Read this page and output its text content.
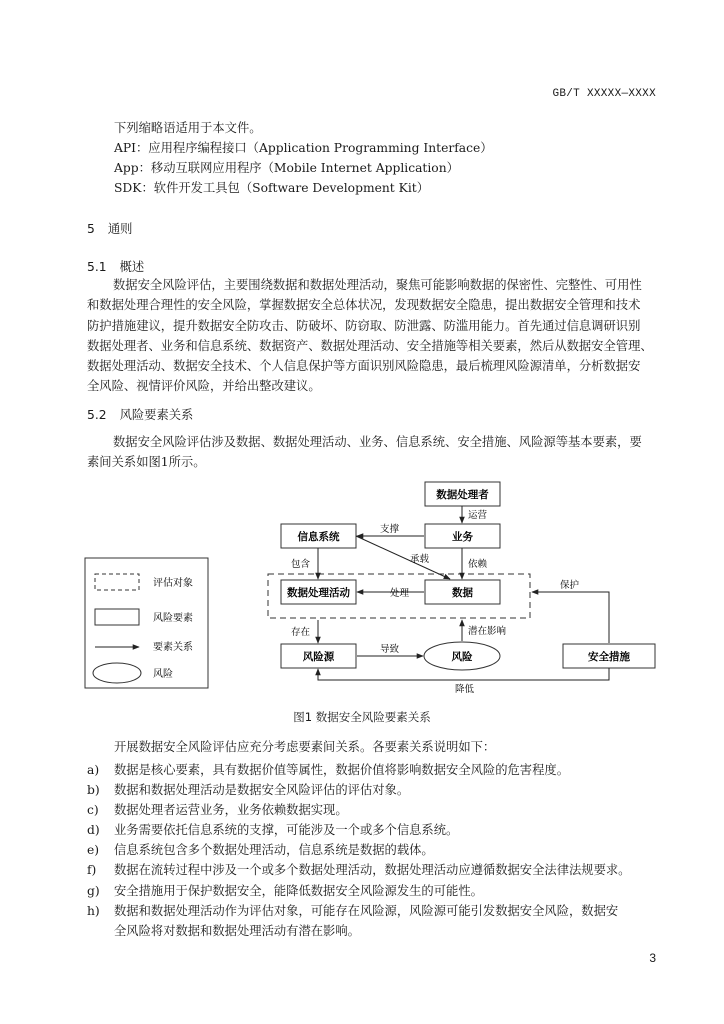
GB/T XXXXX—XXXX
下列缩略语适用于本文件。
API：应用程序编程接口（Application Programming Interface）
App：移动互联网应用程序（Mobile Internet Application）
SDK：软件开发工具包（Software Development Kit）
5 通则
5.1 概述
数据安全风险评估，主要围绕数据和数据处理活动，聚焦可能影响数据的保密性、完整性、可用性
和数据处理合理性的安全风险，掌握数据安全总体状况，发现数据安全隐患，提出数据安全管理和技术
防护措施建议，提升数据安全防攻击、防破坏、防窃取、防泄露、防滥用能力。首先通过信息调研识别
数据处理者、业务和信息系统、数据资产、数据处理活动、安全措施等相关要素，然后从数据安全管理、
数据处理活动、数据安全技术、个人信息保护等方面识别风险隐患，最后梳理风险源清单，分析数据安
全风险、视情评价风险，并给出整改建议。
5.2 风险要素关系
数据安全风险评估涉及数据、数据处理活动、业务、信息系统、安全措施、风险源等基本要素，要
素间关系如图1所示。
评估对象
风险要素
要素关系
风险
数据处理者
业务
信息系统
数据处理活动	数据
风险源	风险	安全措施
运营
支撑
承载	依赖
包含
处理
保护
存在	潜在影响
导致
降低
图1 数据安全风险要素关系
开展数据安全风险评估应充分考虑要素间关系。各要素关系说明如下：
a)	数据是核心要素，具有数据价值等属性，数据价值将影响数据安全风险的危害程度。
b)	数据和数据处理活动是数据安全风险评估的评估对象。
c)	数据处理者运营业务，业务依赖数据实现。
d)	业务需要依托信息系统的支撑，可能涉及一个或多个信息系统。
e)	信息系统包含多个数据处理活动，信息系统是数据的载体。
f)	数据在流转过程中涉及一个或多个数据处理活动，数据处理活动应遵循数据安全法律法规要求。
g)	安全措施用于保护数据安全，能降低数据安全风险源发生的可能性。
h)	数据和数据处理活动作为评估对象，可能存在风险源，风险源可能引发数据安全风险，数据安
全风险将对数据和数据处理活动有潜在影响。
3
